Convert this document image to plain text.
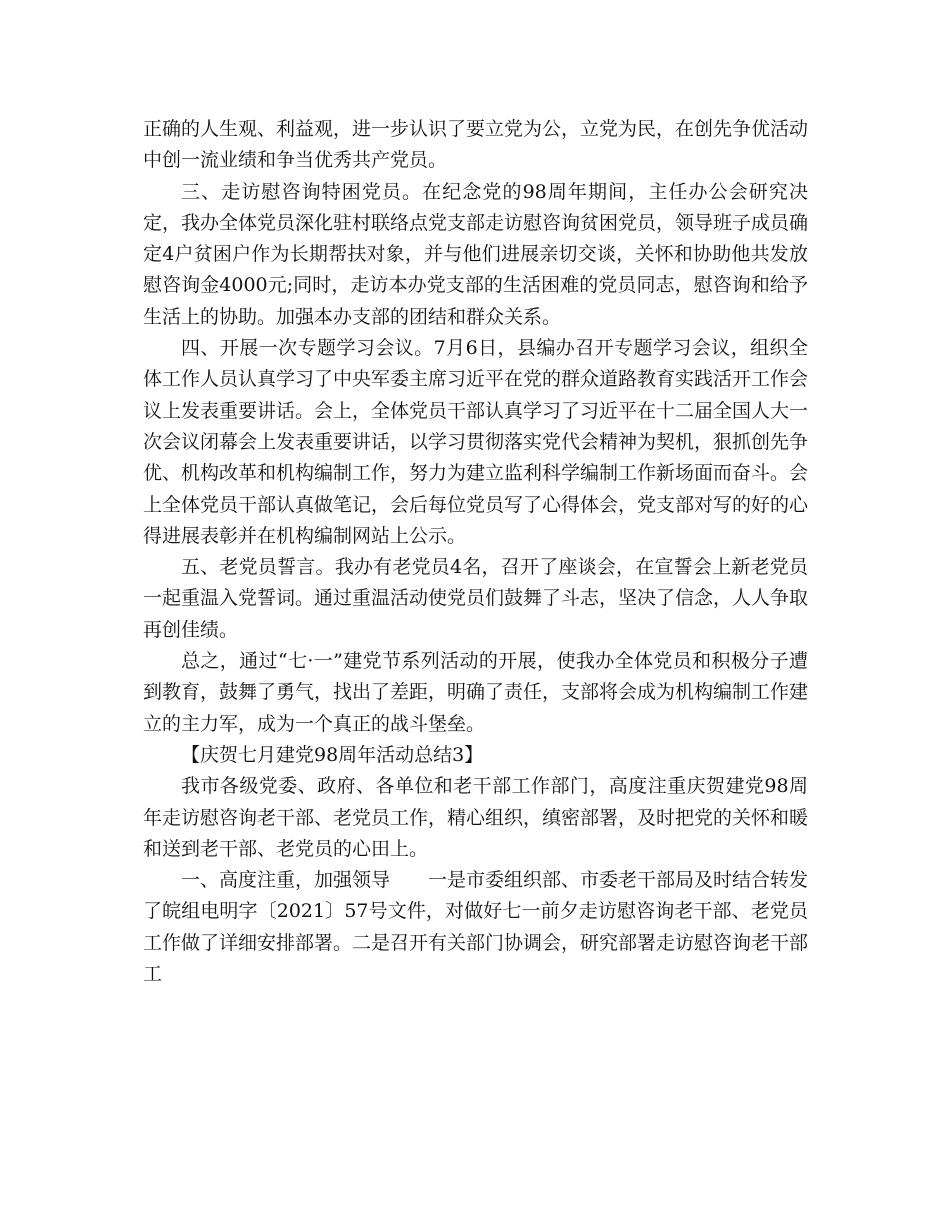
正确的人生观、利益观，进一步认识了要立党为公，立党为民，在创先争优活动中创一流业绩和争当优秀共产党员。

三、走访慰咨询特困党员。在纪念党的98周年期间，主任办公会研究决定，我办全体党员深化驻村联络点党支部走访慰咨询贫困党员，领导班子成员确定4户贫困户作为长期帮扶对象，并与他们进展亲切交谈，关怀和协助他共发放慰咨询金4000元;同时，走访本办党支部的生活困难的党员同志，慰咨询和给予生活上的协助。加强本办支部的团结和群众关系。

四、开展一次专题学习会议。7月6日，县编办召开专题学习会议，组织全体工作人员认真学习了中央军委主席习近平在党的群众道路教育实践活开工作会议上发表重要讲话。会上，全体党员干部认真学习了习近平在十二届全国人大一次会议闭幕会上发表重要讲话，以学习贯彻落实党代会精神为契机，狠抓创先争优、机构改革和机构编制工作，努力为建立监利科学编制工作新场面而奋斗。会上全体党员干部认真做笔记，会后每位党员写了心得体会，党支部对写的好的心得进展表彰并在机构编制网站上公示。

五、老党员誓言。我办有老党员4名，召开了座谈会，在宣誓会上新老党员一起重温入党誓词。通过重温活动使党员们鼓舞了斗志，坚决了信念，人人争取再创佳绩。

总之，通过“七·一”建党节系列活动的开展，使我办全体党员和积极分子遭到教育，鼓舞了勇气，找出了差距，明确了责任，支部将会成为机构编制工作建立的主力军，成为一个真正的战斗堡垒。

【庆贺七月建党98周年活动总结3】

我市各级党委、政府、各单位和老干部工作部门，高度注重庆贺建党98周年走访慰咨询老干部、老党员工作，精心组织，缜密部署，及时把党的关怀和暖和送到老干部、老党员的心田上。

一、高度注重，加强领导　　一是市委组织部、市委老干部局及时结合转发了皖组电明字〔2021〕57号文件，对做好七一前夕走访慰咨询老干部、老党员工作做了详细安排部署。二是召开有关部门协调会，研究部署走访慰咨询老干部工
